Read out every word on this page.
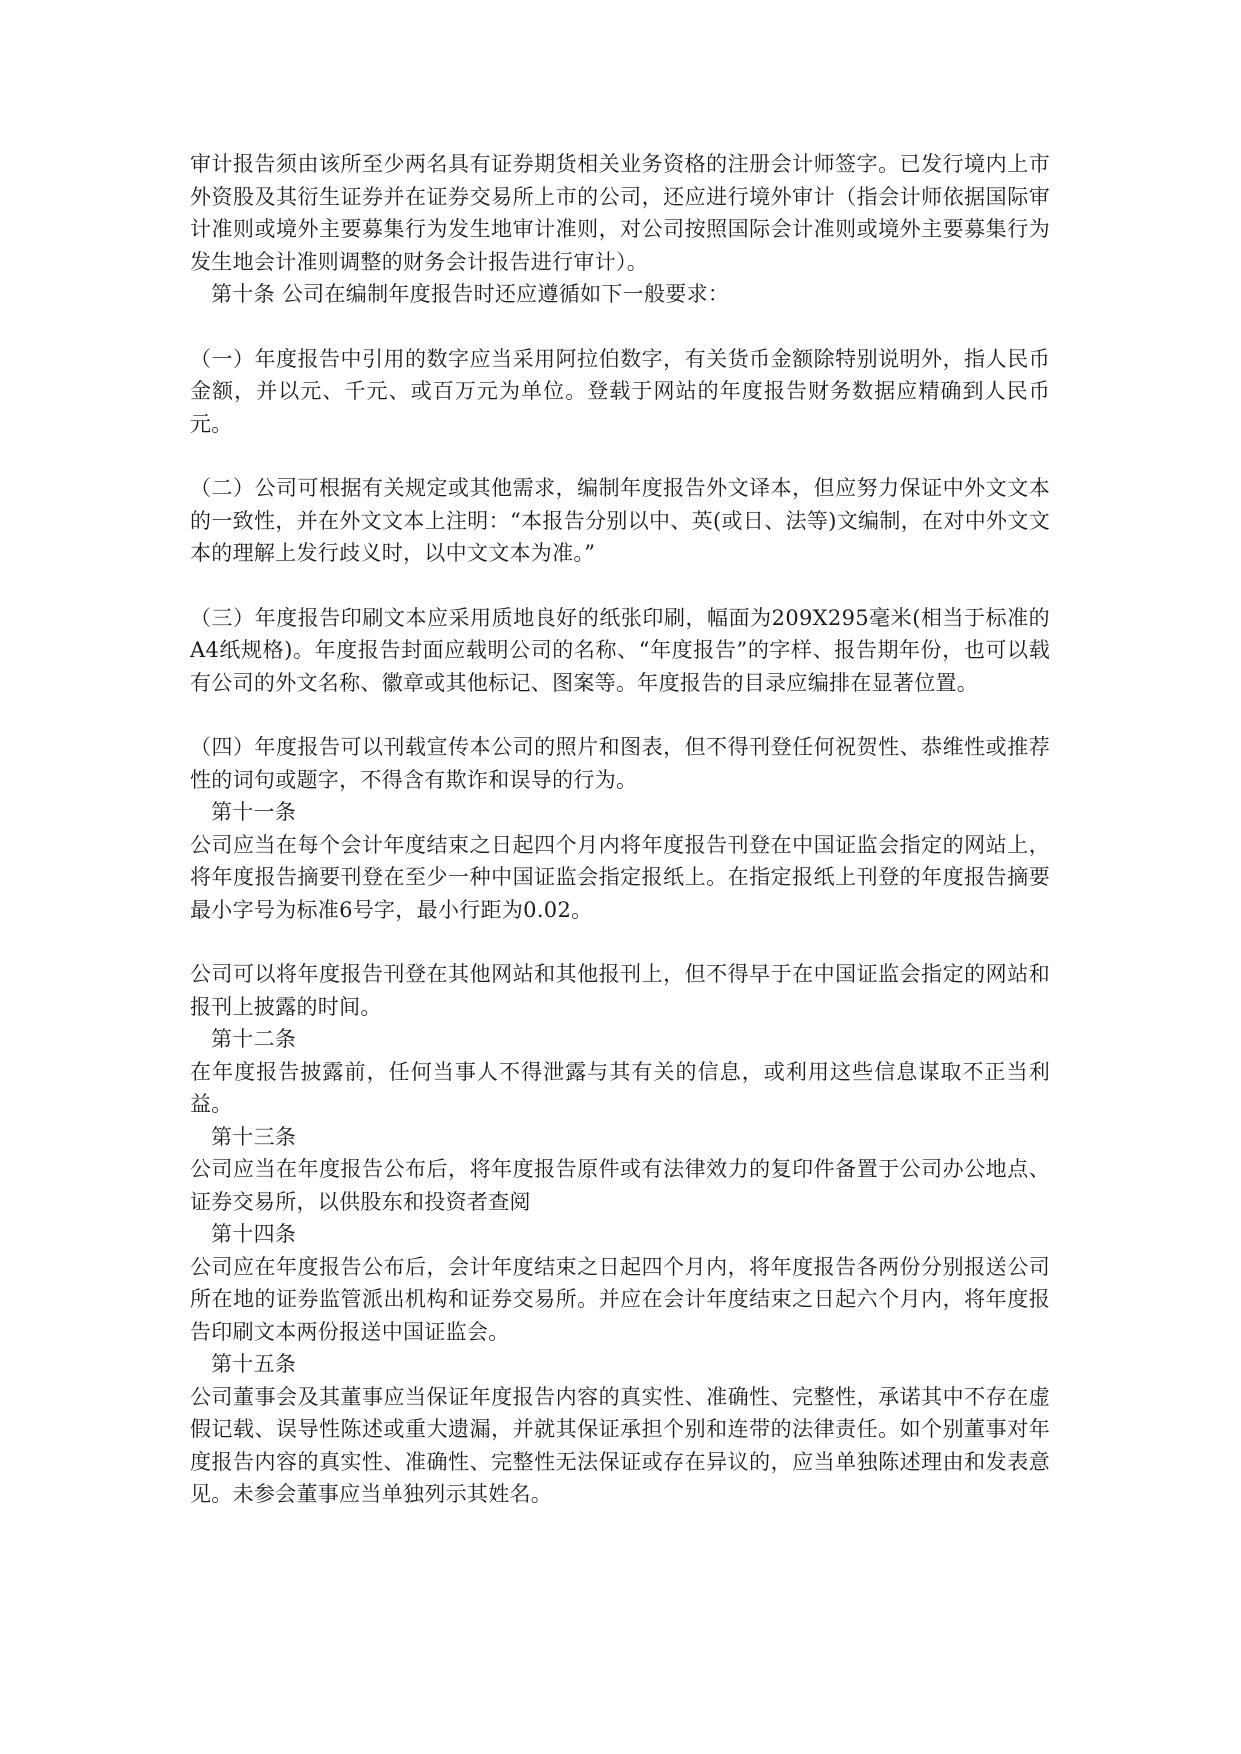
审计报告须由该所至少两名具有证券期货相关业务资格的注册会计师签字。已发行境内上市外资股及其衍生证券并在证券交易所上市的公司，还应进行境外审计（指会计师依据国际审计准则或境外主要募集行为发生地审计准则，对公司按照国际会计准则或境外主要募集行为发生地会计准则调整的财务会计报告进行审计）。

第十条 公司在编制年度报告时还应遵循如下一般要求：

（一）年度报告中引用的数字应当采用阿拉伯数字，有关货币金额除特别说明外，指人民币金额，并以元、千元、或百万元为单位。登载于网站的年度报告财务数据应精确到人民币元。

（二）公司可根据有关规定或其他需求，编制年度报告外文译本，但应努力保证中外文文本的一致性，并在外文文本上注明：“本报告分别以中、英(或日、法等)文编制，在对中外文文本的理解上发行歧义时，以中文文本为准。”

（三）年度报告印刷文本应采用质地良好的纸张印刷，幅面为209X295毫米(相当于标准的A4纸规格)。年度报告封面应载明公司的名称、“年度报告”的字样、报告期年份，也可以载有公司的外文名称、徽章或其他标记、图案等。年度报告的目录应编排在显著位置。

（四）年度报告可以刊载宣传本公司的照片和图表，但不得刊登任何祝贺性、恭维性或推荐性的词句或题字，不得含有欺诈和误导的行为。

第十一条

公司应当在每个会计年度结束之日起四个月内将年度报告刊登在中国证监会指定的网站上，将年度报告摘要刊登在至少一种中国证监会指定报纸上。在指定报纸上刊登的年度报告摘要最小字号为标准6号字，最小行距为0.02。

公司可以将年度报告刊登在其他网站和其他报刊上，但不得早于在中国证监会指定的网站和报刊上披露的时间。

第十二条

在年度报告披露前，任何当事人不得泄露与其有关的信息，或利用这些信息谋取不正当利益。

第十三条

公司应当在年度报告公布后，将年度报告原件或有法律效力的复印件备置于公司办公地点、证券交易所，以供股东和投资者查阅

第十四条

公司应在年度报告公布后，会计年度结束之日起四个月内，将年度报告各两份分别报送公司所在地的证券监管派出机构和证券交易所。并应在会计年度结束之日起六个月内，将年度报告印刷文本两份报送中国证监会。

第十五条

公司董事会及其董事应当保证年度报告内容的真实性、准确性、完整性，承诺其中不存在虚假记载、误导性陈述或重大遗漏，并就其保证承担个别和连带的法律责任。如个别董事对年度报告内容的真实性、准确性、完整性无法保证或存在异议的，应当单独陈述理由和发表意见。未参会董事应当单独列示其姓名。
